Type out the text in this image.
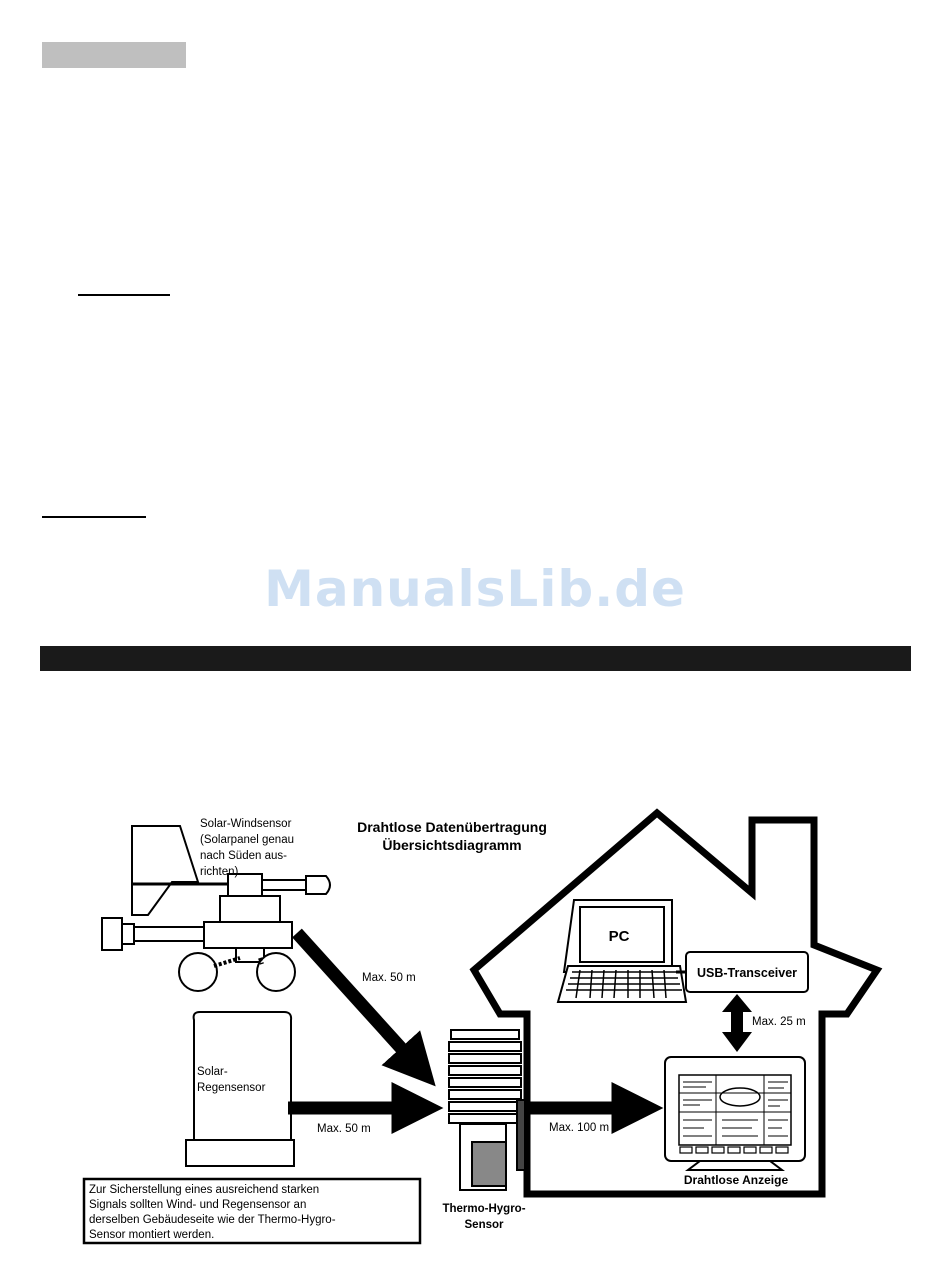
ManualsLib.de
Drahtlose Datenübertragung
Übersichtsdiagramm
Solar-Windsensor
(Solarpanel genau
nach Süden aus-
richten)
Solar-
Regensensor
Thermo-Hygro-
Sensor
Max. 50 m
Max. 50 m	Max. 100 m
Max. 25 m
PC
USB-Transceiver
Drahtlose Anzeige
Zur Sicherstellung eines ausreichend starken
Signals sollten Wind- und Regensensor an
derselben Gebäudeseite wie der Thermo-Hygro-
Sensor montiert werden.
